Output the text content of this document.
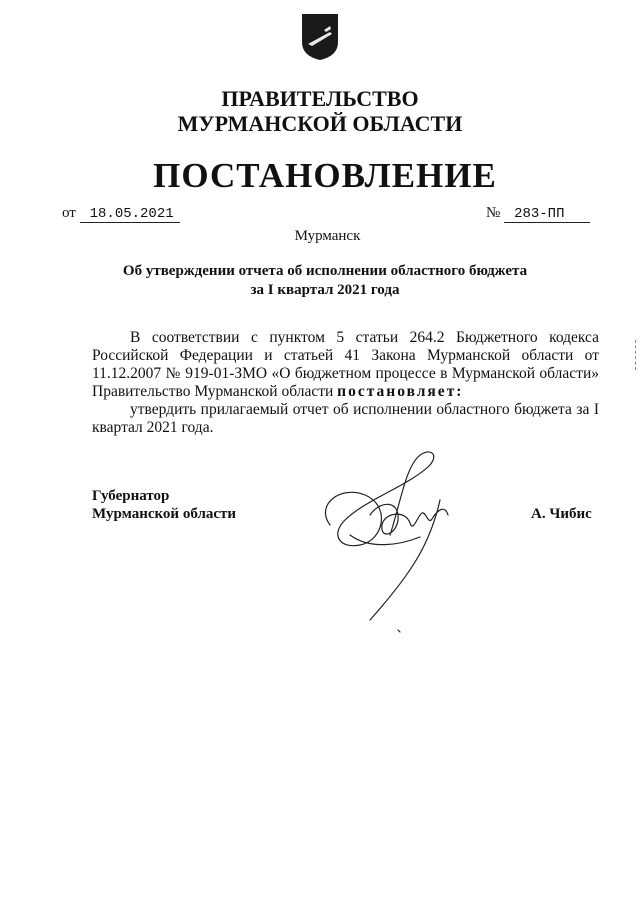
ПРАВИТЕЛЬСТВО
МУРМАНСКОЙ ОБЛАСТИ
ПОСТАНОВЛЕНИЕ
от 18.05.2021	№ 283-ПП
Мурманск
Об утверждении отчета об исполнении областного бюджета
за I квартал 2021 года

В соответствии с пунктом 5 статьи 264.2 Бюджетного кодекса Российской Федерации и статьей 41 Закона Мурманской области от 11.12.2007 № 919-01-ЗМО «О бюджетном процессе в Мурманской области» Правительство Мурманской области постановляет:

утвердить прилагаемый отчет об исполнении областного бюджета за I квартал 2021 года.

Губернатор
Мурманской области	А. Чибис
